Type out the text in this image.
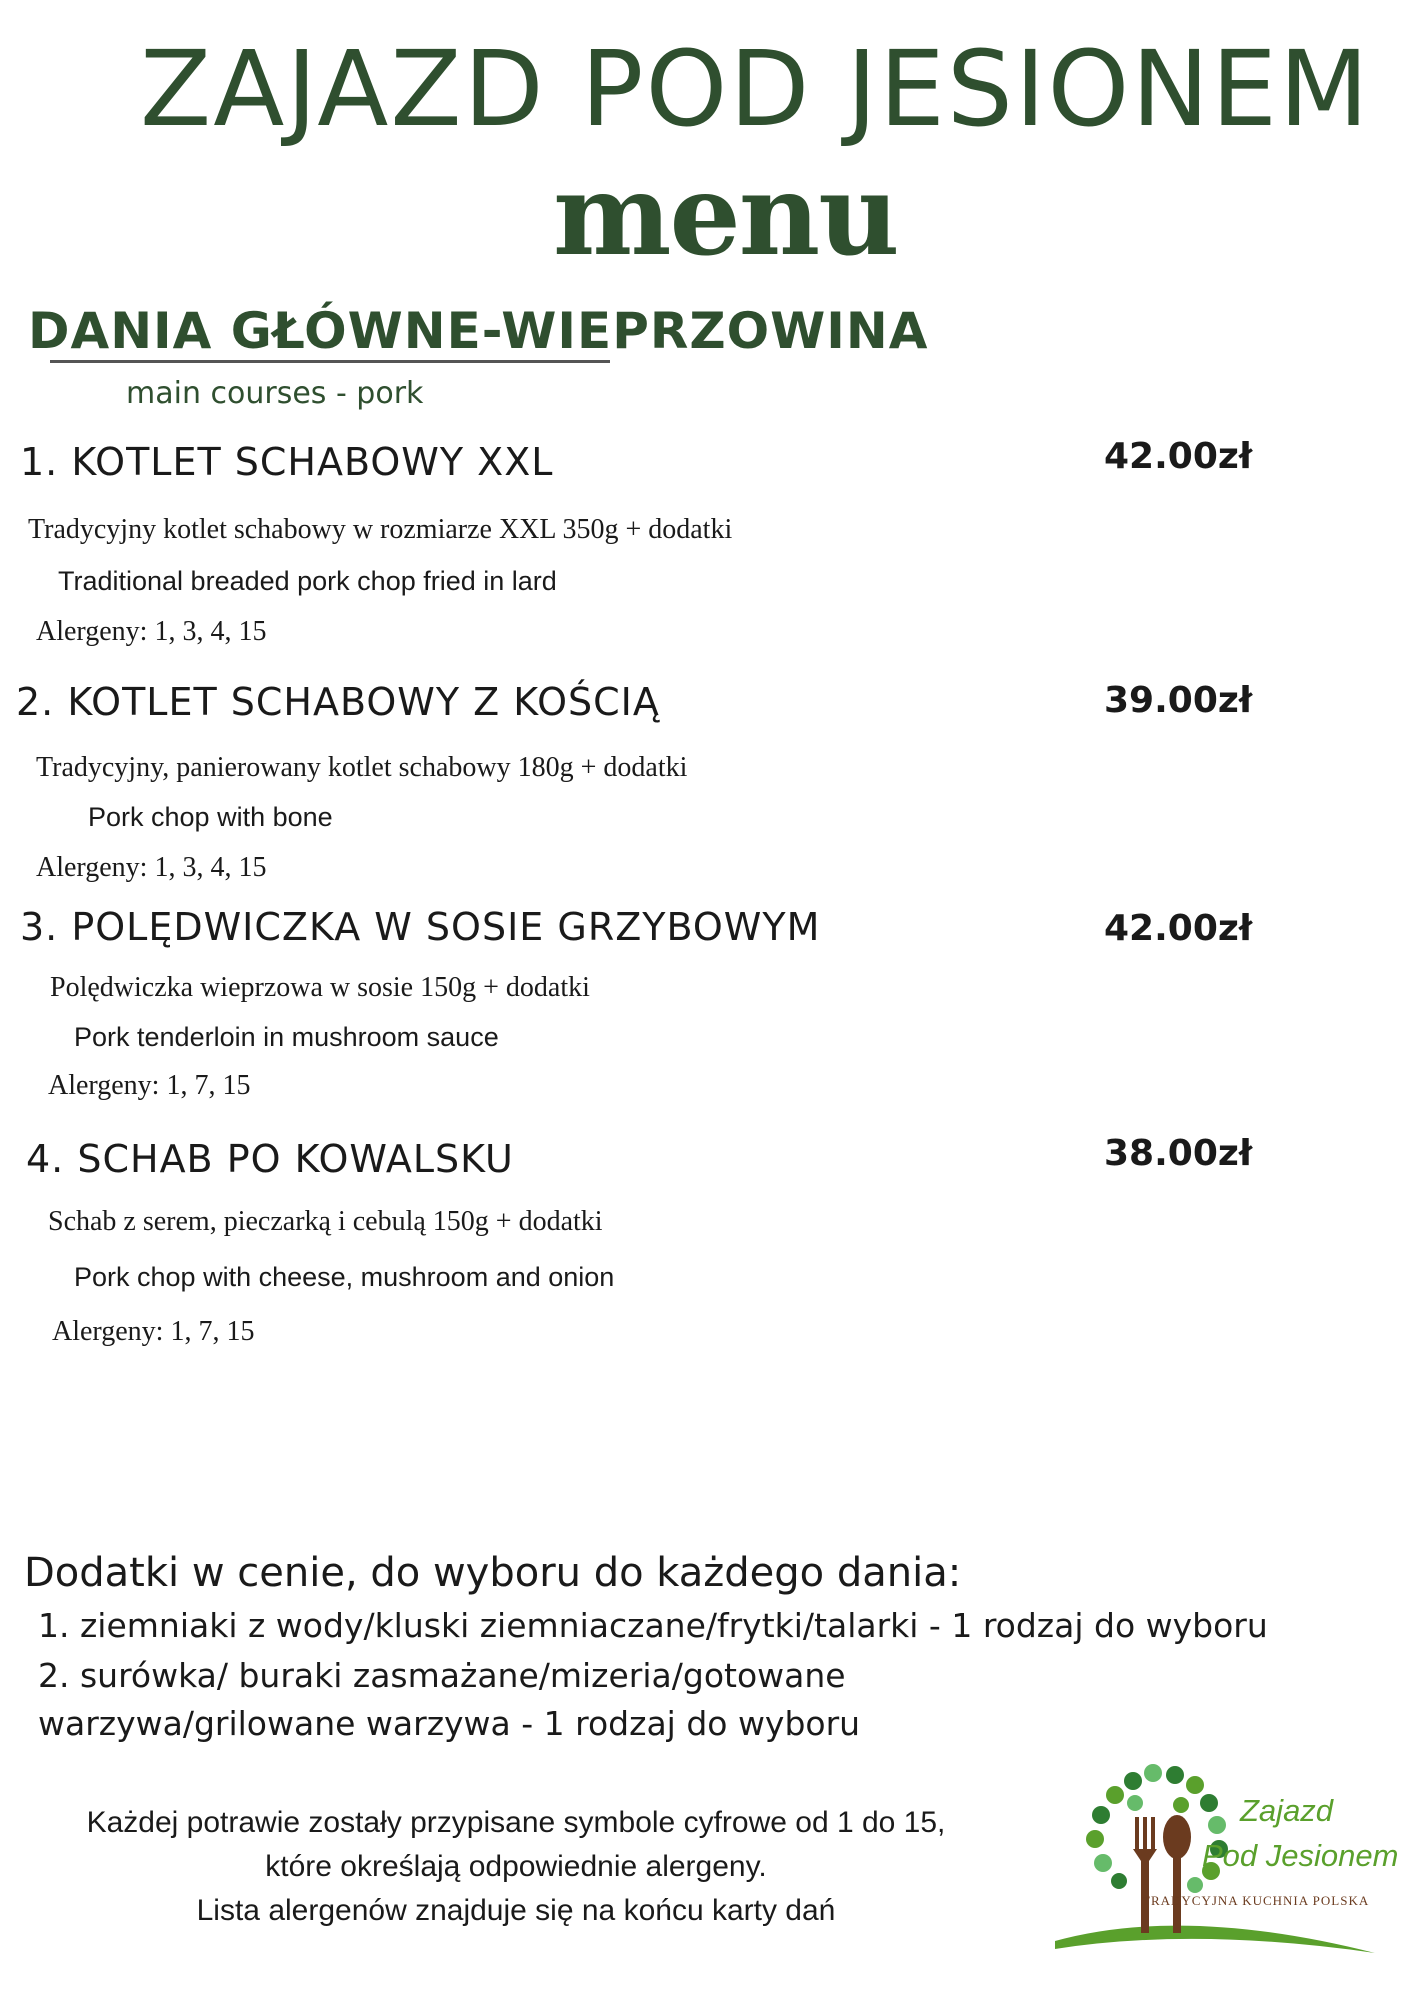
ZAJAZD POD JESIONEM
menu
DANIA GŁÓWNE-WIEPRZOWINA
main courses - pork
1. KOTLET SCHABOWY XXL	42.00zł
Tradycyjny kotlet schabowy w rozmiarze XXL 350g + dodatki
Traditional breaded pork chop fried in lard
Alergeny: 1, 3, 4, 15
2. KOTLET SCHABOWY Z KOŚCIĄ	39.00zł
Tradycyjny, panierowany kotlet schabowy 180g + dodatki
Pork chop with bone
Alergeny: 1, 3, 4, 15
3. POLĘDWICZKA W SOSIE GRZYBOWYM	42.00zł
Polędwiczka wieprzowa w sosie 150g + dodatki
Pork tenderloin in mushroom sauce
Alergeny: 1, 7, 15
4. SCHAB PO KOWALSKU	38.00zł
Schab z serem, pieczarką i cebulą 150g + dodatki
Pork chop with cheese, mushroom and onion
Alergeny: 1, 7, 15
Dodatki w cenie, do wyboru do każdego dania:
1. ziemniaki z wody/kluski ziemniaczane/frytki/talarki - 1 rodzaj do wyboru
2. surówka/ buraki zasmażane/mizeria/gotowane
warzywa/grilowane warzywa - 1 rodzaj do wyboru
Każdej potrawie zostały przypisane symbole cyfrowe od 1 do 15,
które określają odpowiednie alergeny.
Lista alergenów znajduje się na końcu karty dań
Zajazd
Pod Jesionem
TRADYCYJNA KUCHNIA POLSKA
